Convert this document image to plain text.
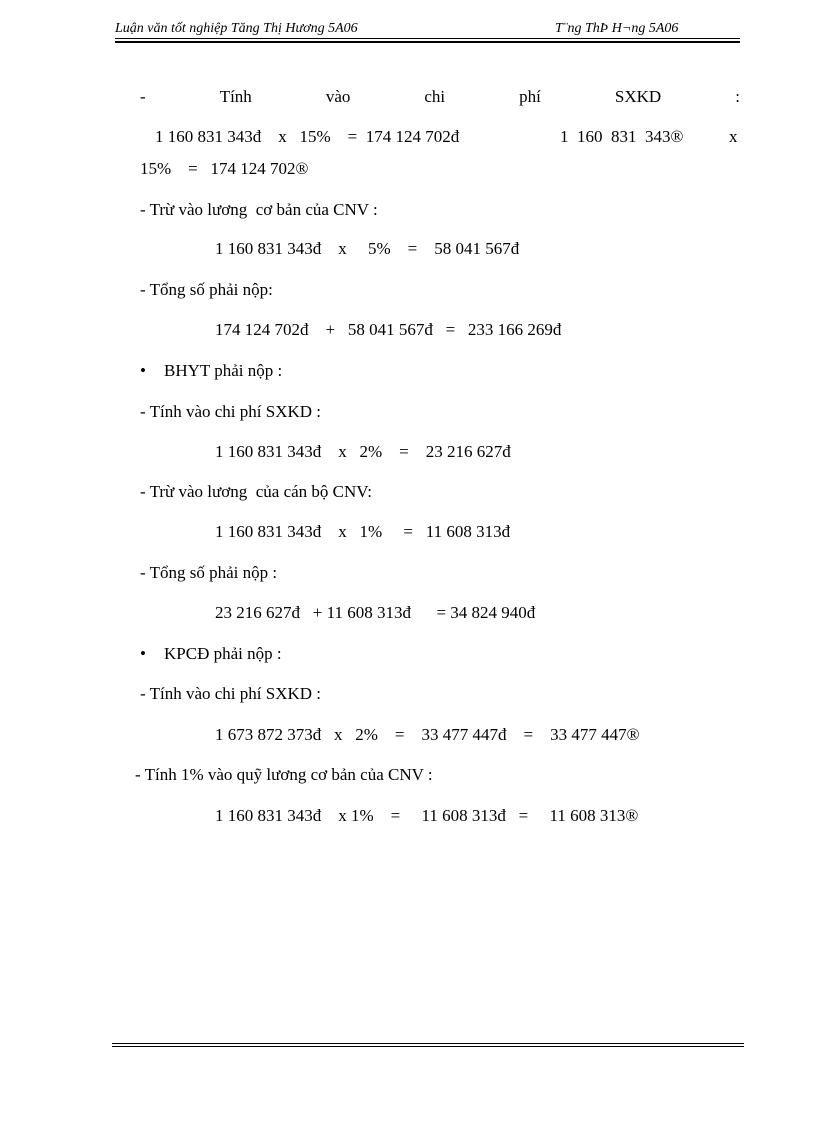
Luận văn tốt nghiệp Tăng Thị Hương 5A06	T¨ng ThÞ H¬ng 5A06
-	Tính	vào	chi	phí	SXKD	:
1 160 831 343đ    x   15%    =  174 124 702đ	1  160  831  343®	x
15%    =   174 124 702®
- Trừ vào lương  cơ bản của CNV :
1 160 831 343đ    x     5%    =    58 041 567đ
- Tổng số phải nộp:
174 124 702đ    +   58 041 567đ   =   233 166 269đ
• BHYT phải nộp :
- Tính vào chi phí SXKD :
1 160 831 343đ    x   2%    =    23 216 627đ
- Trừ vào lương  của cán bộ CNV:
1 160 831 343đ    x   1%     =   11 608 313đ
- Tổng số phải nộp :
23 216 627đ   + 11 608 313đ      = 34 824 940đ
• KPCĐ phải nộp :
- Tính vào chi phí SXKD :
1 673 872 373đ   x   2%    =    33 477 447đ    =    33 477 447®
- Tính 1% vào quỹ lương cơ bản của CNV :
1 160 831 343đ    x 1%    =     11 608 313đ   =     11 608 313®
